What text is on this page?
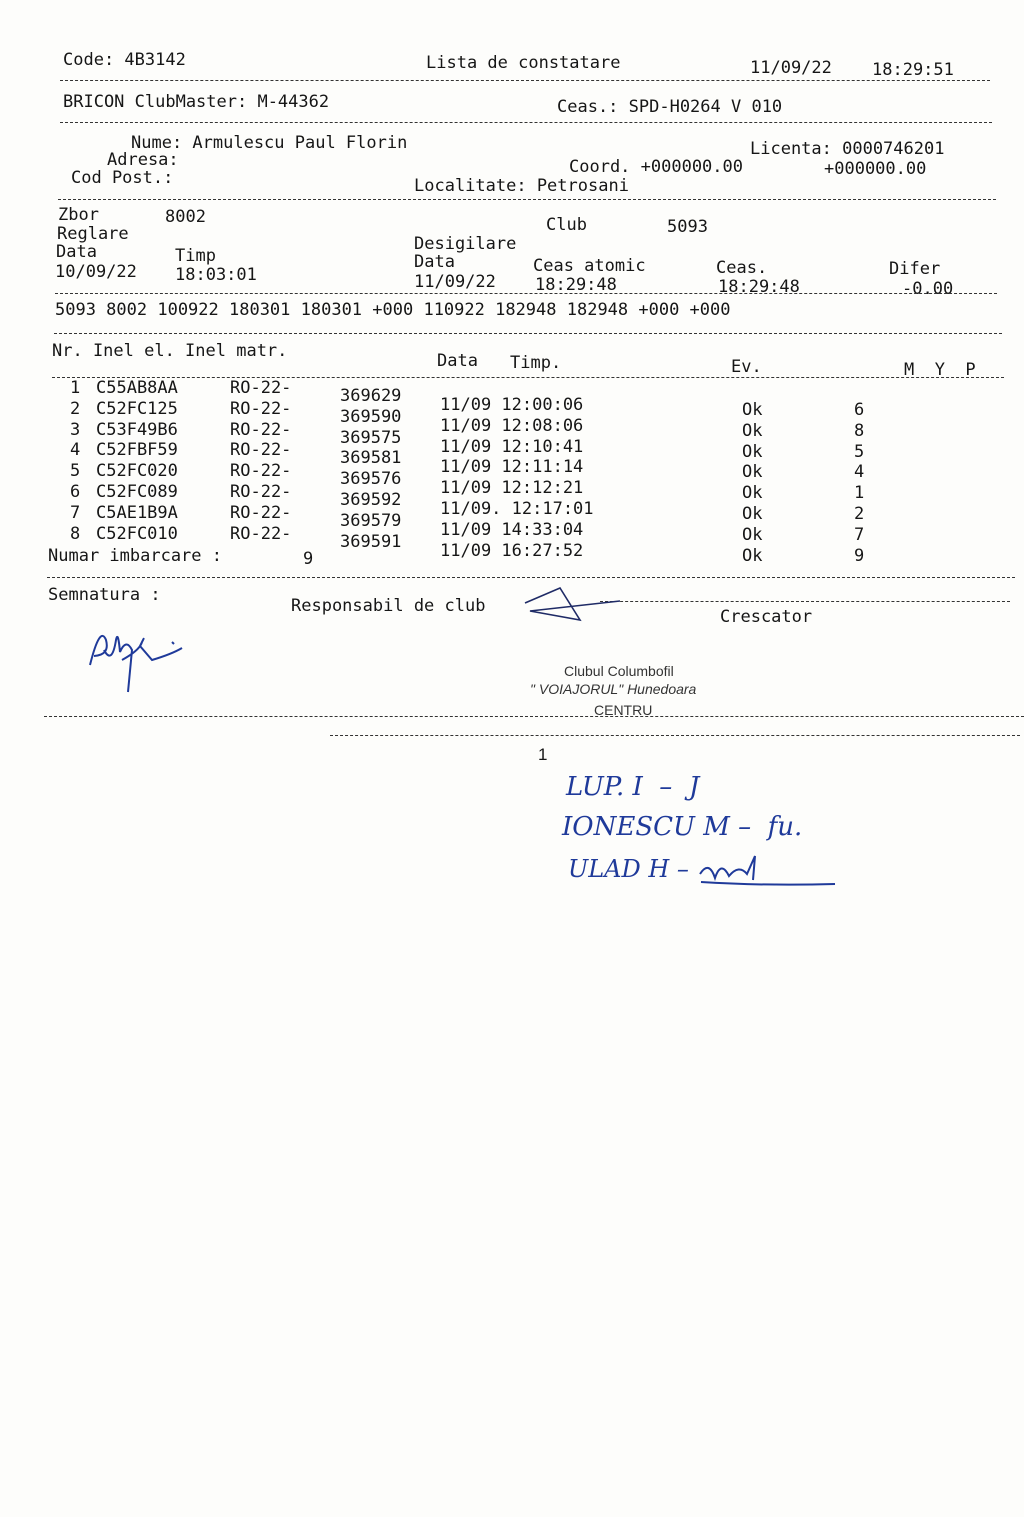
Code: 4B3142	Lista de constatare	11/09/22 18:29:51
BRICON ClubMaster: M-44362	Ceas.: SPD-H0264 V 010
Nume: Armulescu Paul Florin	Licenta: 0000746201
Adresa:	Coord. +000000.00	+000000.00
Cod Post.:	Localitate: Petrosani
Zbor	8002	Club	5093
Reglare	Desigilare
Data	Timp	Data	Ceas atomic	Ceas.	Difer
10/09/22 18:03:01	11/09/22 18:29:48	18:29:48	-0.00
5093 8002 100922 180301 180301 +000 110922 182948 182948 +000 +000
Nr. Inel el. Inel matr.	Data Timp.	Ev.	M  Y  P
1 C55AB8AA	RO-22-	369629 11/09 12:00:06	Ok	6
2 C52FC125	RO-22-	369590 11/09 12:08:06	Ok	8
3 C53F49B6	RO-22-	369575 11/09 12:10:41	Ok	5
4 C52FBF59	RO-22-	369581 11/09 12:11:14	Ok	4
5 C52FC020	RO-22-	369576 11/09 12:12:21	Ok	1
6 C52FC089	RO-22-	369592 11/09. 12:17:01	Ok	2
7 C5AE1B9A	RO-22-	369579 11/09 14:33:04	Ok	7
8 C52FC010	RO-22-	369591 11/09 16:27:52	Ok	9
Numar imbarcare :	9
Semnatura :
Responsabil de club
Crescator
Clubul Columbofil
" VOIAJORUL" Hunedoara
CENTRU
1
LUP. I  –  J
IONESCU M –  fu.
ULAD H –
